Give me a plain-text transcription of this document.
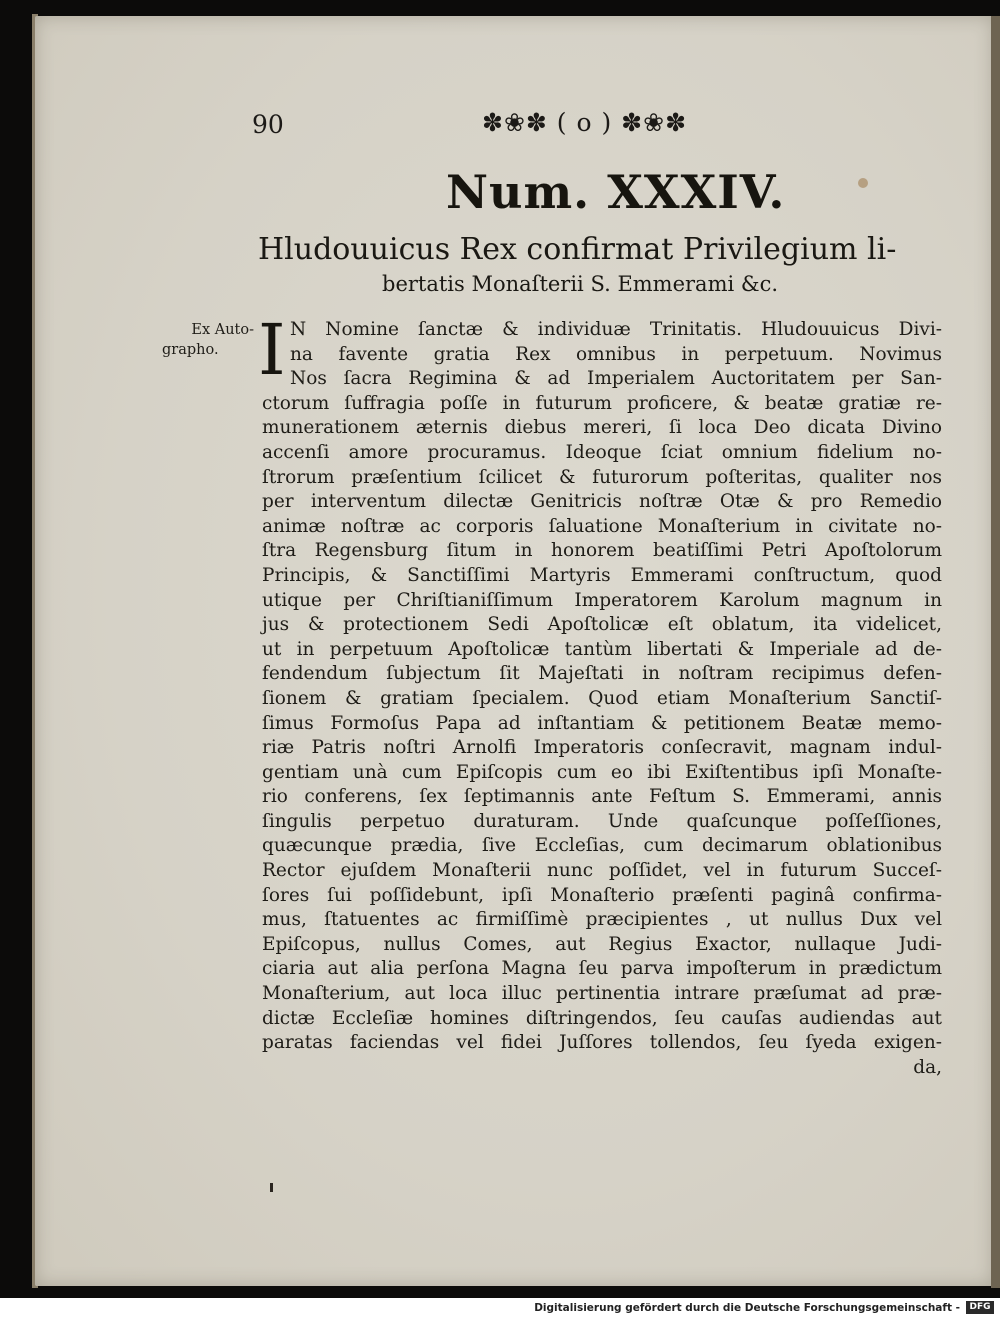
90	✽❀✽ ( o ) ✽❀✽
Num. XXXIV.
Hludouuicus Rex confirmat Privilegium li-
bertatis Monaſterii S. Emmerami &c.
Ex Auto-
grapho. I N Nomine ſanctæ & individuæ Trinitatis. Hludouuicus Divi-
na favente gratia Rex omnibus in perpetuum. Novimus
Nos ſacra Regimina & ad Imperialem Auctoritatem per San-
ctorum ſuffragia poſſe in futurum proficere, & beatæ gratiæ re-
munerationem æternis diebus mereri, ſi loca Deo dicata Divino
accenſi amore procuramus. Ideoque ſciat omnium fidelium no-
ſtrorum præſentium ſcilicet & futurorum poſteritas, qualiter nos
per interventum dilectæ Genitricis noſtræ Otæ & pro Remedio
animæ noſtræ ac corporis ſaluatione Monaſterium in civitate no-
ſtra Regensburg ſitum in honorem beatiſſimi Petri Apoſtolorum
Principis, & Sanctiſſimi Martyris Emmerami conſtructum, quod
utique per Chriſtianiſſimum Imperatorem Karolum magnum in
jus & protectionem Sedi Apoſtolicæ eſt oblatum, ita videlicet,
ut in perpetuum Apoſtolicæ tantùm libertati & Imperiale ad de-
fendendum ſubjectum ſit Majeſtati in noſtram recipimus defen-
ſionem & gratiam ſpecialem. Quod etiam Monaſterium Sanctiſ-
ſimus Formoſus Papa ad inſtantiam & petitionem Beatæ memo-
riæ Patris noſtri Arnolfi Imperatoris conſecravit, magnam indul-
gentiam unà cum Epiſcopis cum eo ibi Exiſtentibus ipſi Monaſte-
rio conferens, ſex ſeptimannis ante Feſtum S. Emmerami, annis
ſingulis perpetuo duraturam. Unde quaſcunque poſſeſſiones,
quæcunque prædia, ſive Eccleſias, cum decimarum oblationibus
Rector ejuſdem Monaſterii nunc poſſidet, vel in futurum Succeſ-
ſores ſui poſſidebunt, ipſi Monaſterio præſenti paginâ confirma-
mus, ſtatuentes ac firmiſſimè præcipientes , ut nullus Dux vel
Epiſcopus, nullus Comes, aut Regius Exactor, nullaque Judi-
ciaria aut alia perſona Magna ſeu parva impoſterum in prædictum
Monaſterium, aut loca illuc pertinentia intrare præſumat ad præ-
dictæ Eccleſiæ homines diſtringendos, ſeu cauſas audiendas aut
paratas faciendas vel fidei Juſſores tollendos, ſeu ſyeda exigen-
da,
Digitalisierung gefördert durch die Deutsche Forschungsgemeinschaft -	DFG
